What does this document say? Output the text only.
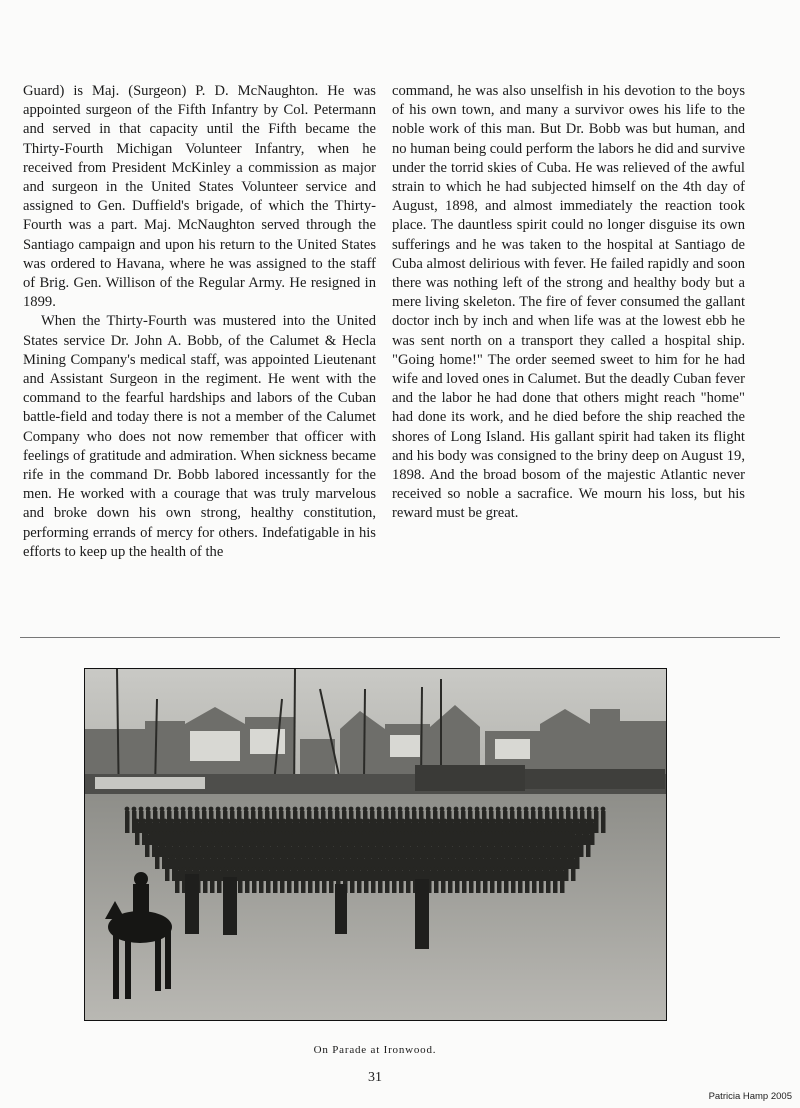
Guard) is Maj. (Surgeon) P. D. McNaughton. He was appointed surgeon of the Fifth Infantry by Col. Petermann and served in that capacity until the Fifth became the Thirty-Fourth Michigan Volunteer Infantry, when he received from President McKinley a commission as major and surgeon in the United States Volunteer service and assigned to Gen. Duffield's brigade, of which the Thirty-Fourth was a part. Maj. McNaughton served through the Santiago campaign and upon his return to the United States was ordered to Havana, where he was assigned to the staff of Brig. Gen. Willison of the Regular Army. He resigned in 1899.

When the Thirty-Fourth was mustered into the United States service Dr. John A. Bobb, of the Calumet & Hecla Mining Company's medical staff, was appointed Lieutenant and Assistant Surgeon in the regiment. He went with the command to the fearful hardships and labors of the Cuban battle-field and today there is not a member of the Calumet Company who does not now remember that officer with feelings of gratitude and admiration. When sickness became rife in the command Dr. Bobb labored incessantly for the men. He worked with a courage that was truly marvelous and broke down his own strong, healthy constitution, performing errands of mercy for others. Indefatigable in his efforts to keep up the health of the

command, he was also unselfish in his devotion to the boys of his own town, and many a survivor owes his life to the noble work of this man. But Dr. Bobb was but human, and no human being could perform the labors he did and survive under the torrid skies of Cuba. He was relieved of the awful strain to which he had subjected himself on the 4th day of August, 1898, and almost immediately the reaction took place. The dauntless spirit could no longer disguise its own sufferings and he was taken to the hospital at Santiago de Cuba almost delirious with fever. He failed rapidly and soon there was nothing left of the strong and healthy body but a mere living skeleton. The fire of fever consumed the gallant doctor inch by inch and when life was at the lowest ebb he was sent north on a transport they called a hospital ship. "Going home!" The order seemed sweet to him for he had wife and loved ones in Calumet. But the deadly Cuban fever and the labor he had done that others might reach "home" had done its work, and he died before the ship reached the shores of Long Island. His gallant spirit had taken its flight and his body was consigned to the briny deep on August 19, 1898. And the broad bosom of the majestic Atlantic never received so noble a sacrafice. We mourn his loss, but his reward must be great.

On Parade at Ironwood.
31
Patricia Hamp 2005
